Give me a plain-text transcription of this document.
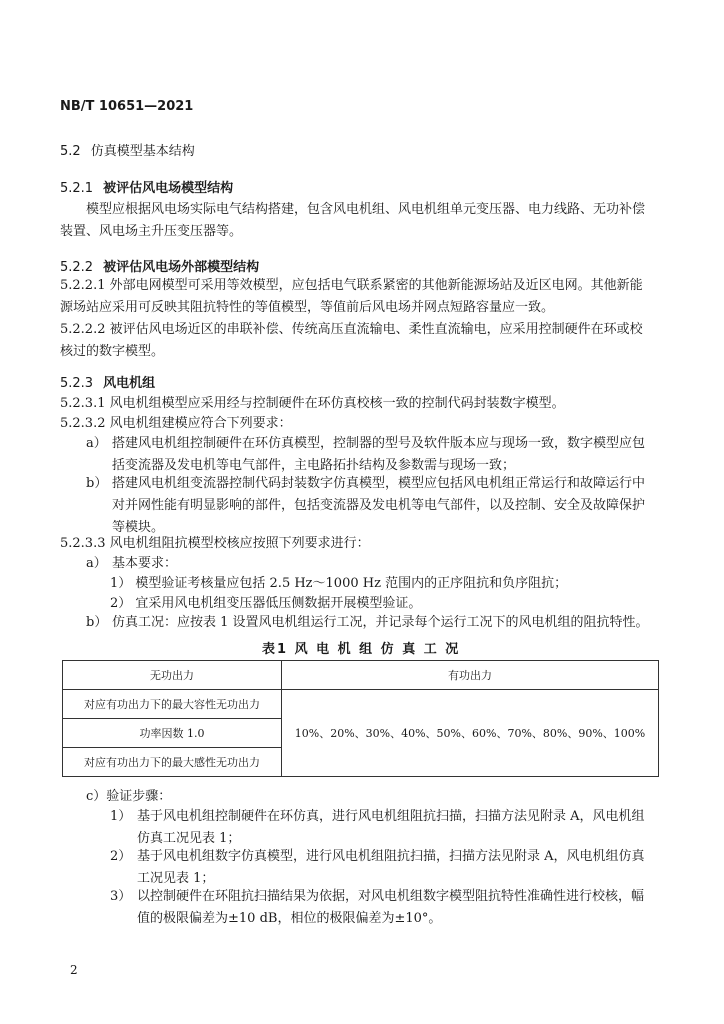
NB/T 10651—2021
5.2 仿真模型基本结构
5.2.1 被评估风电场模型结构
模型应根据风电场实际电气结构搭建，包含风电机组、风电机组单元变压器、电力线路、无功补偿
装置、风电场主升压变压器等。
5.2.2 被评估风电场外部模型结构
5.2.2.1 外部电网模型可采用等效模型，应包括电气联系紧密的其他新能源场站及近区电网。其他新能
源场站应采用可反映其阻抗特性的等值模型，等值前后风电场并网点短路容量应一致。
5.2.2.2 被评估风电场近区的串联补偿、传统高压直流输电、柔性直流输电，应采用控制硬件在环或校
核过的数字模型。
5.2.3 风电机组
5.2.3.1 风电机组模型应采用经与控制硬件在环仿真校核一致的控制代码封装数字模型。
5.2.3.2 风电机组建模应符合下列要求：
a） 搭建风电机组控制硬件在环仿真模型，控制器的型号及软件版本应与现场一致，数字模型应包
括变流器及发电机等电气部件，主电路拓扑结构及参数需与现场一致；
b） 搭建风电机组变流器控制代码封装数字仿真模型，模型应包括风电机组正常运行和故障运行中
对并网性能有明显影响的部件，包括变流器及发电机等电气部件，以及控制、安全及故障保护
等模块。
5.2.3.3 风电机组阻抗模型校核应按照下列要求进行：
a） 基本要求：
1） 模型验证考核量应包括 2.5 Hz～1000 Hz 范围内的正序阻抗和负序阻抗；
2） 宜采用风电机组变压器低压侧数据开展模型验证。
b） 仿真工况：应按表 1 设置风电机组运行工况，并记录每个运行工况下的风电机组的阻抗特性。
表1 风 电 机 组 仿 真 工 况
无功出力	有功出力
对应有功出力下的最大容性无功出力	10%、20%、30%、40%、50%、60%、70%、80%、90%、100%
功率因数 1.0	
对应有功出力下的最大感性无功出力	
c）验证步骤：
1） 基于风电机组控制硬件在环仿真，进行风电机组阻抗扫描，扫描方法见附录 A，风电机组
仿真工况见表 1；
2） 基于风电机组数字仿真模型，进行风电机组阻抗扫描，扫描方法见附录 A，风电机组仿真
工况见表 1；
3） 以控制硬件在环阻抗扫描结果为依据，对风电机组数字模型阻抗特性准确性进行校核，幅
值的极限偏差为±10 dB，相位的极限偏差为±10°。
2
